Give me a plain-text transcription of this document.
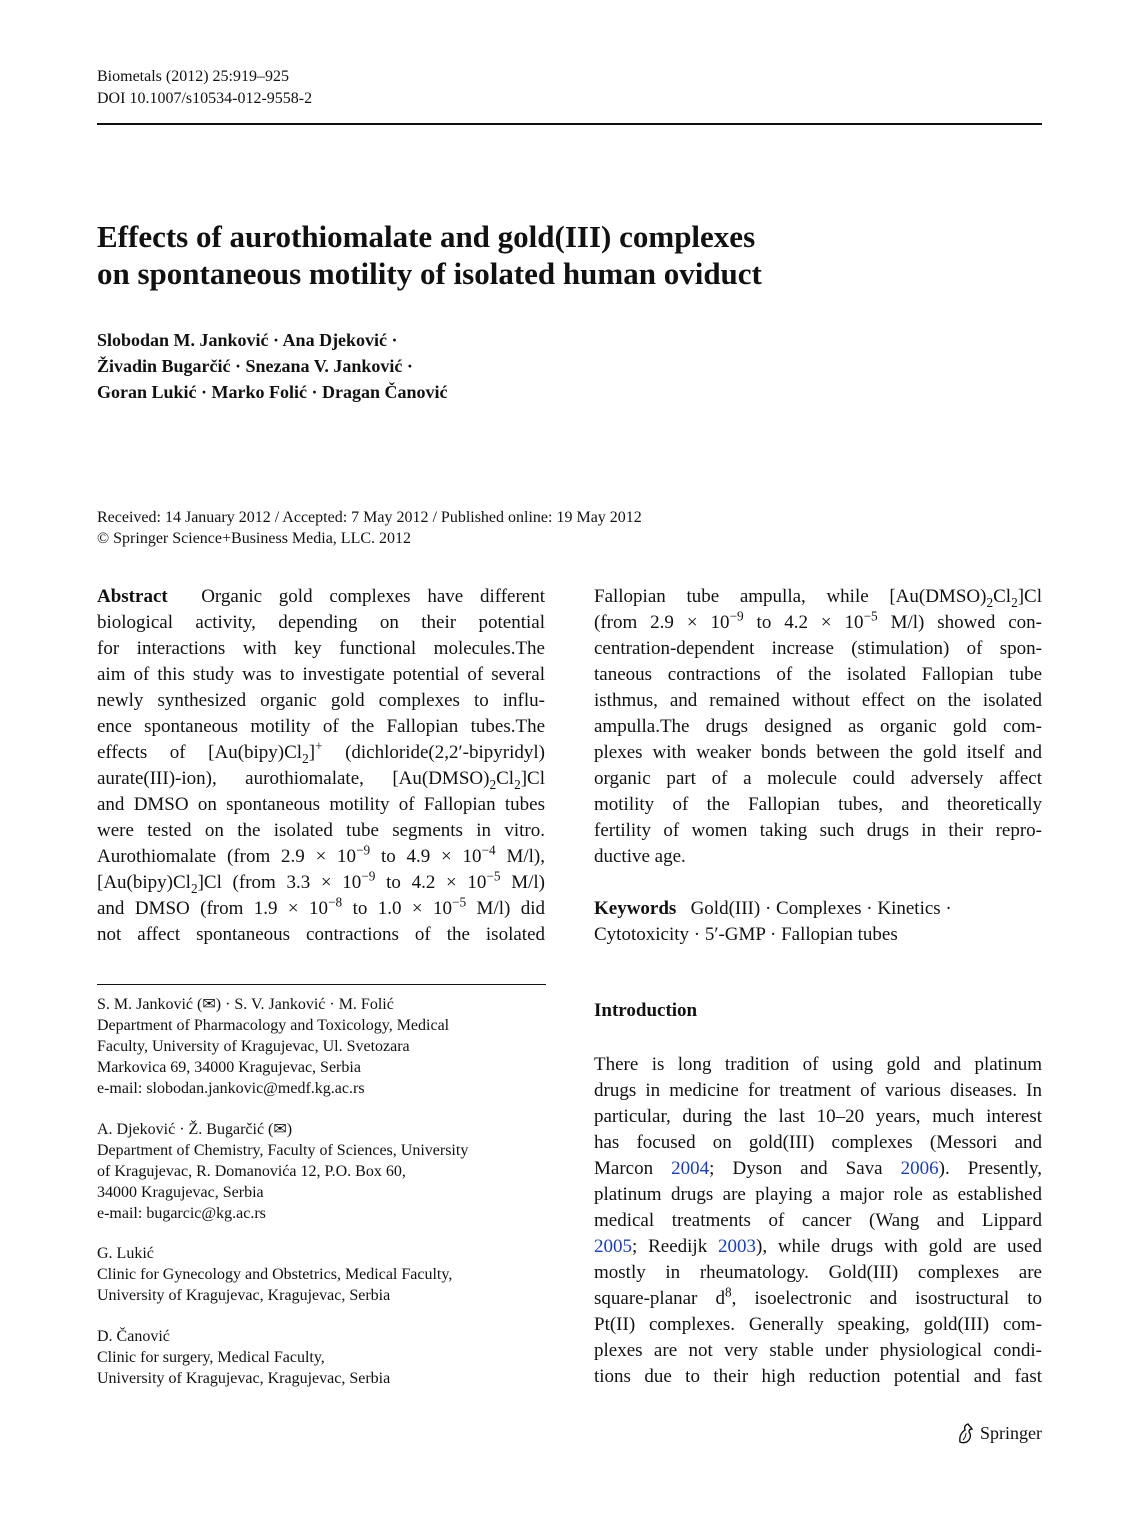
Biometals (2012) 25:919–925
DOI 10.1007/s10534-012-9558-2
Effects of aurothiomalate and gold(III) complexes
on spontaneous motility of isolated human oviduct
Slobodan M. Janković · Ana Djeković ·
Živadin Bugarčić · Snezana V. Janković ·
Goran Lukić · Marko Folić · Dragan Čanović
Received: 14 January 2012 / Accepted: 7 May 2012 / Published online: 19 May 2012
© Springer Science+Business Media, LLC. 2012
Abstract Organic gold complexes have different
biological activity, depending on their potential
for interactions with key functional molecules.The
aim of this study was to investigate potential of several
newly synthesized organic gold complexes to influ-
ence spontaneous motility of the Fallopian tubes.The
effects of $[Au(bipy)Cl_2]^+$ (dichloride(2,2′-bipyridyl)
aurate(III)-ion), aurothiomalate, $[Au(DMSO)_2Cl_2]Cl$
and DMSO on spontaneous motility of Fallopian tubes
were tested on the isolated tube segments in vitro.
Aurothiomalate (from $2.9 \times 10^{-9}$ to $4.9 \times 10^{-4}$ M/l),
$[Au(bipy)Cl_2]Cl$ (from $3.3 \times 10^{-9}$ to $4.2 \times 10^{-5}$ M/l)
and DMSO (from $1.9 \times 10^{-8}$ to $1.0 \times 10^{-5}$ M/l) did
not affect spontaneous contractions of the isolated
Fallopian tube ampulla, while $[Au(DMSO)_2Cl_2]Cl$
(from $2.9 \times 10^{-9}$ to $4.2 \times 10^{-5}$ M/l) showed con-
centration-dependent increase (stimulation) of spon-
taneous contractions of the isolated Fallopian tube
isthmus, and remained without effect on the isolated
ampulla.The drugs designed as organic gold com-
plexes with weaker bonds between the gold itself and
organic part of a molecule could adversely affect
motility of the Fallopian tubes, and theoretically
fertility of women taking such drugs in their repro-
ductive age.
Keywords Gold(III) · Complexes · Kinetics ·
Cytotoxicity · 5′-GMP · Fallopian tubes
S. M. Janković (✉) · S. V. Janković · M. Folić
Department of Pharmacology and Toxicology, Medical
Faculty, University of Kragujevac, Ul. Svetozara
Markovica 69, 34000 Kragujevac, Serbia
e-mail: slobodan.jankovic@medf.kg.ac.rs
A. Djeković · Ž. Bugarčić (✉)
Department of Chemistry, Faculty of Sciences, University
of Kragujevac, R. Domanovića 12, P.O. Box 60,
34000 Kragujevac, Serbia
e-mail: bugarcic@kg.ac.rs
G. Lukić
Clinic for Gynecology and Obstetrics, Medical Faculty,
University of Kragujevac, Kragujevac, Serbia
D. Čanović
Clinic for surgery, Medical Faculty,
University of Kragujevac, Kragujevac, Serbia
Introduction
There is long tradition of using gold and platinum
drugs in medicine for treatment of various diseases. In
particular, during the last 10–20 years, much interest
has focused on gold(III) complexes (Messori and
Marcon 2004; Dyson and Sava 2006). Presently,
platinum drugs are playing a major role as established
medical treatments of cancer (Wang and Lippard
2005; Reedijk 2003), while drugs with gold are used
mostly in rheumatology. Gold(III) complexes are
square-planar $d^8$, isoelectronic and isostructural to
Pt(II) complexes. Generally speaking, gold(III) com-
plexes are not very stable under physiological condi-
tions due to their high reduction potential and fast
Springer
